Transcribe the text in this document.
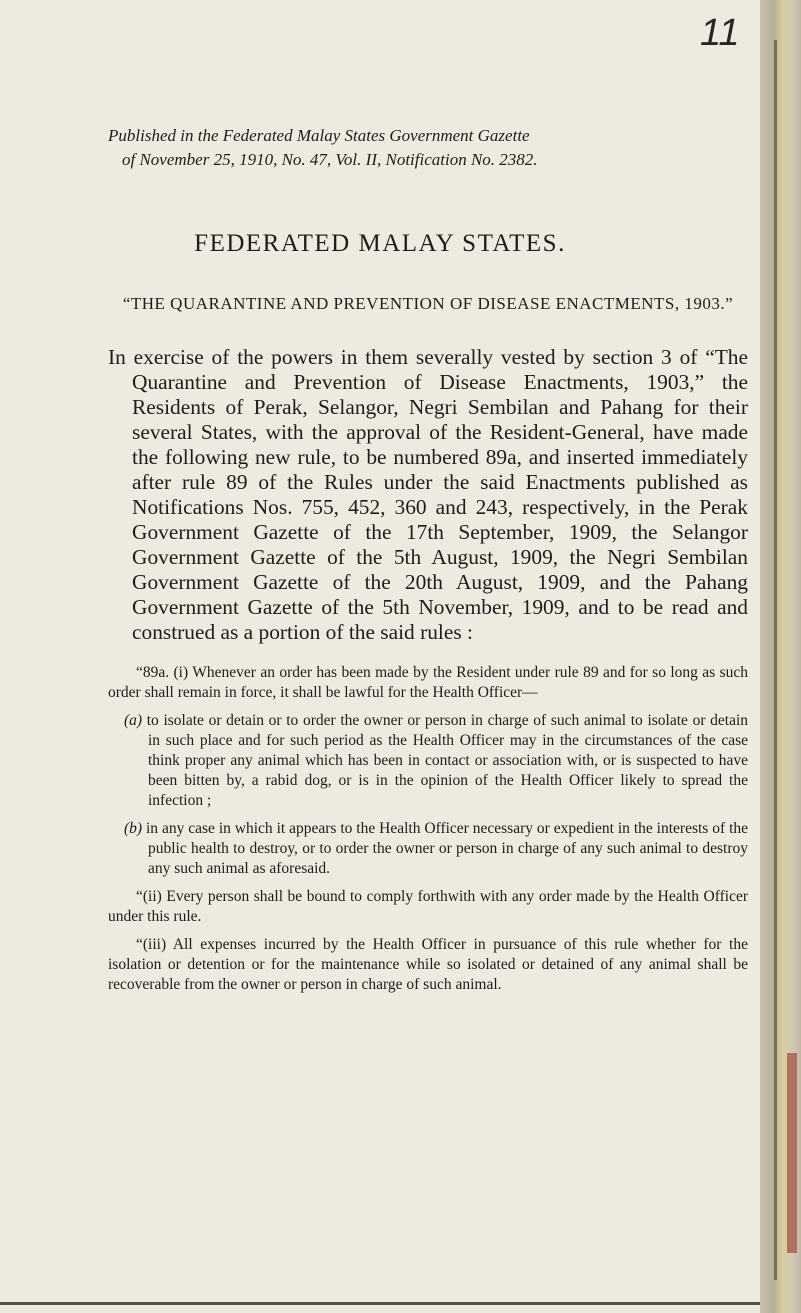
11
Published in the Federated Malay States Government Gazette
of November 25, 1910, No. 47, Vol. II, Notification No. 2382.
FEDERATED MALAY STATES.
“THE QUARANTINE AND PREVENTION OF DISEASE ENACTMENTS, 1903.”
In exercise of the powers in them severally vested by section 3 of “The Quarantine and Prevention of Disease Enactments, 1903,” the Residents of Perak, Selangor, Negri Sembilan and Pahang for their several States, with the approval of the Resident-General, have made the following new rule, to be numbered 89a, and inserted immediately after rule 89 of the Rules under the said Enactments published as Notifications Nos. 755, 452, 360 and 243, respectively, in the Perak Government Gazette of the 17th September, 1909, the Selangor Government Gazette of the 5th August, 1909, the Negri Sembilan Government Gazette of the 20th August, 1909, and the Pahang Government Gazette of the 5th November, 1909, and to be read and construed as a portion of the said rules :

“89a. (i) Whenever an order has been made by the Resident under rule 89 and for so long as such order shall remain in force, it shall be lawful for the Health Officer—

(a) to isolate or detain or to order the owner or person in charge of such animal to isolate or detain in such place and for such period as the Health Officer may in the circumstances of the case think proper any animal which has been in contact or association with, or is suspected to have been bitten by, a rabid dog, or is in the opinion of the Health Officer likely to spread the infection ;

(b) in any case in which it appears to the Health Officer necessary or expedient in the interests of the public health to destroy, or to order the owner or person in charge of any such animal to destroy any such animal as aforesaid.

“(ii) Every person shall be bound to comply forthwith with any order made by the Health Officer under this rule.

“(iii) All expenses incurred by the Health Officer in pursuance of this rule whether for the isolation or detention or for the maintenance while so isolated or detained of any animal shall be recoverable from the owner or person in charge of such animal.
